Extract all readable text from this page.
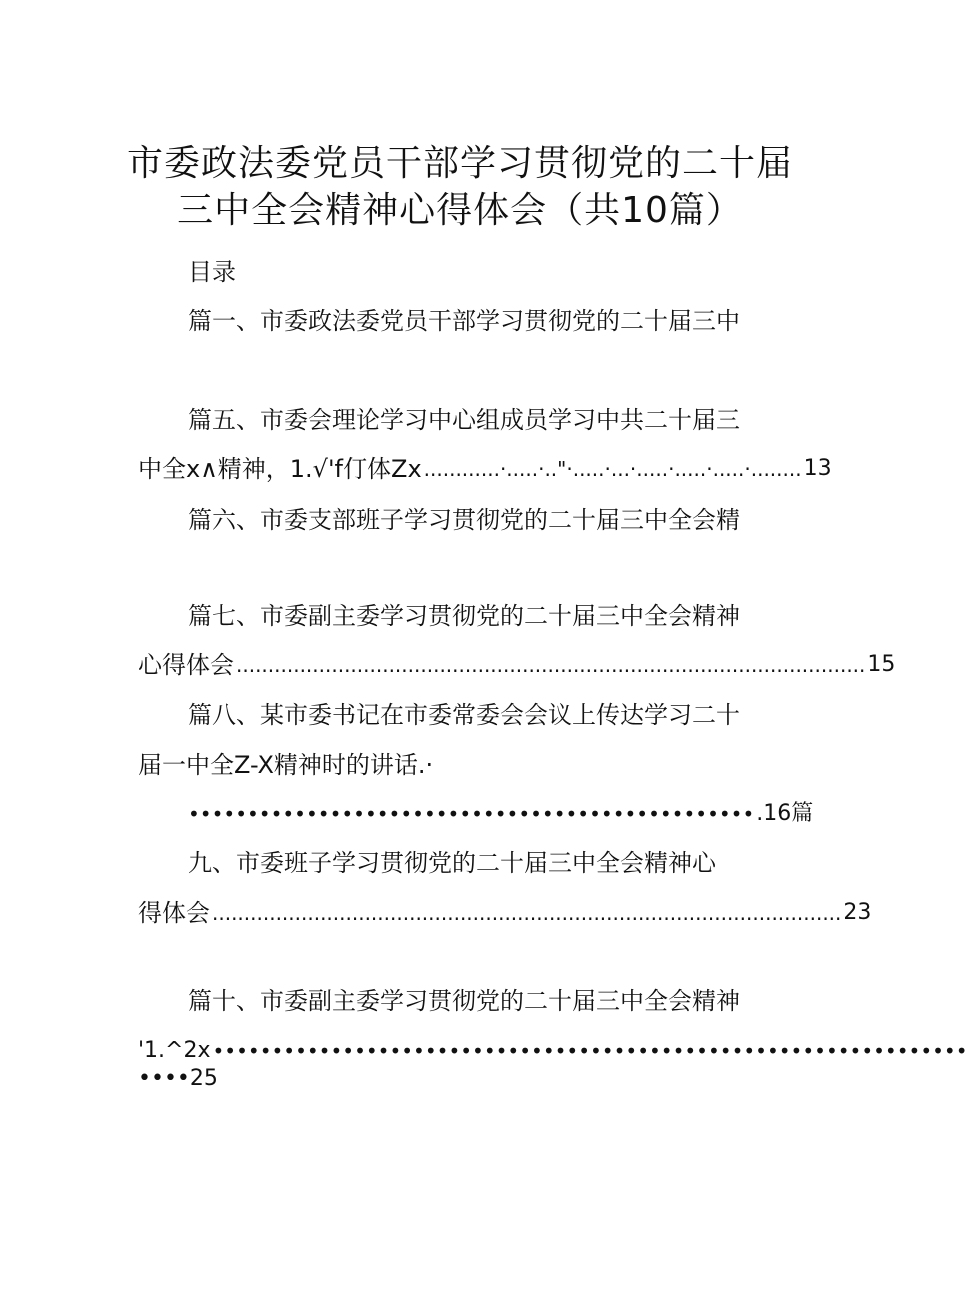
市委政法委党员干部学习贯彻党的二十届
三中全会精神心得体会（共10篇）
目录
篇一、市委政法委党员干部学习贯彻党的二十届三中
篇五、市委会理论学习中心组成员学习中共二十届三
中全x∧精神，1.√'f仃体Zx ............·.....·.."·.....·...·.....·.....·.....·........ 13
篇六、市委支部班子学习贯彻党的二十届三中全会精
篇七、市委副主委学习贯彻党的二十届三中全会精神
心得体会 ................................................................................................... 15
篇八、某市委书记在市委常委会会议上传达学习二十
届一中全Z-X精神时的讲话.·
•••••••••••••••••••••••••••••••••••••••••••••••• .16篇
九、市委班子学习贯彻党的二十届三中全会精神心
得体会 ................................................................................................... 23
篇十、市委副主委学习贯彻党的二十届三中全会精神
'1.^2x ••••••••••••••••••••••••••••••••••••••••••••••••••••••••••••••••
••••25
